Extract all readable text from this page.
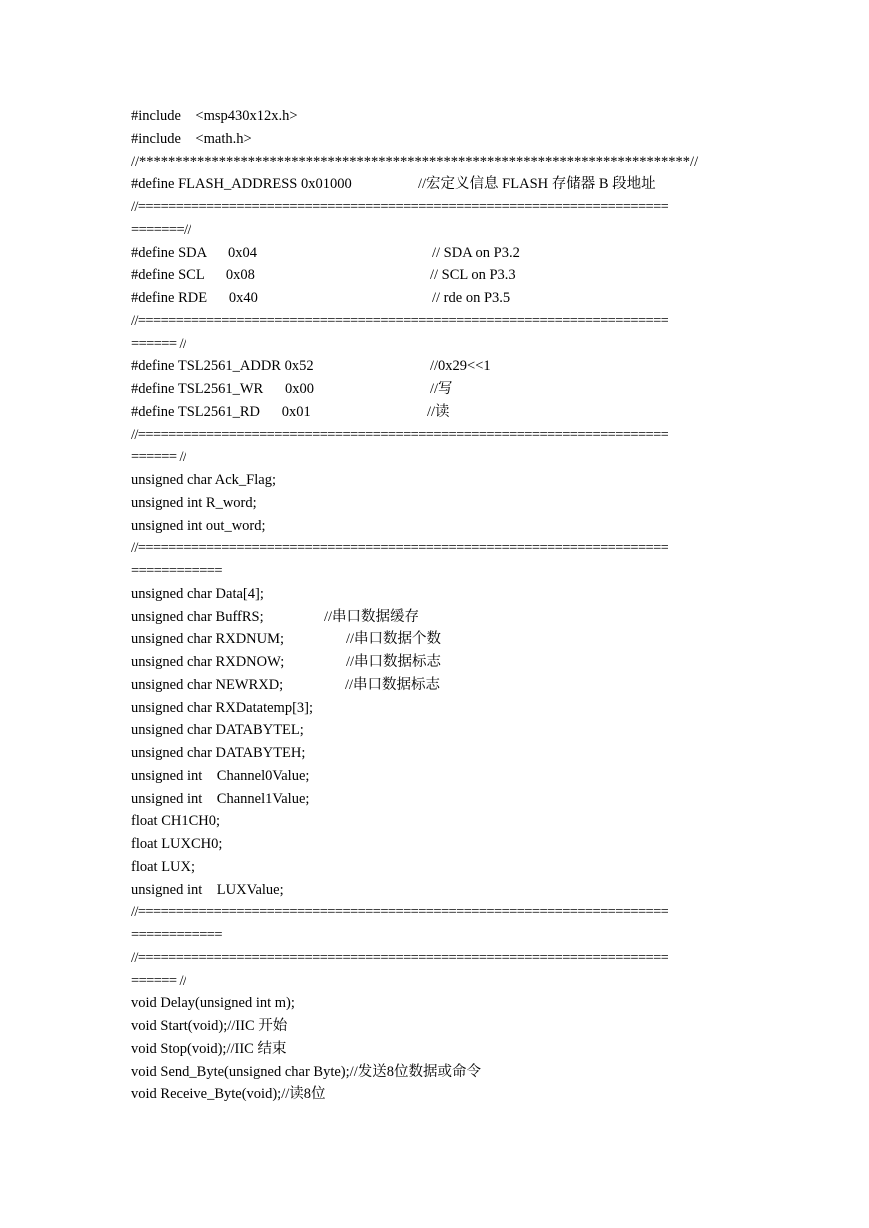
#include    <msp430x12x.h>
#include    <math.h>
//****************************************************************************//
#define FLASH_ADDRESS 0x01000	//宏定义信息 FLASH 存储器 B 段地址
//======================================================================
=======//
#define SDA      0x04	// SDA on P3.2
#define SCL      0x08	// SCL on P3.3
#define RDE      0x40	// rde on P3.5
//======================================================================
====== //
#define TSL2561_ADDR 0x52	//0x29<<1
#define TSL2561_WR      0x00	//写
#define TSL2561_RD      0x01	//读
//======================================================================
====== //
unsigned char Ack_Flag;
unsigned int R_word;
unsigned int out_word;
//======================================================================
============
unsigned char Data[4];
unsigned char BuffRS;	//串口数据缓存
unsigned char RXDNUM;	//串口数据个数
unsigned char RXDNOW;	//串口数据标志
unsigned char NEWRXD;	//串口数据标志
unsigned char RXDatatemp[3];
unsigned char DATABYTEL;
unsigned char DATABYTEH;
unsigned int    Channel0Value;
unsigned int    Channel1Value;
float CH1CH0;
float LUXCH0;
float LUX;
unsigned int    LUXValue;
//======================================================================
============
//======================================================================
====== //
void Delay(unsigned int m);
void Start(void);//IIC 开始
void Stop(void);//IIC 结束
void Send_Byte(unsigned char Byte);//发送8位数据或命令
void Receive_Byte(void);//读8位
